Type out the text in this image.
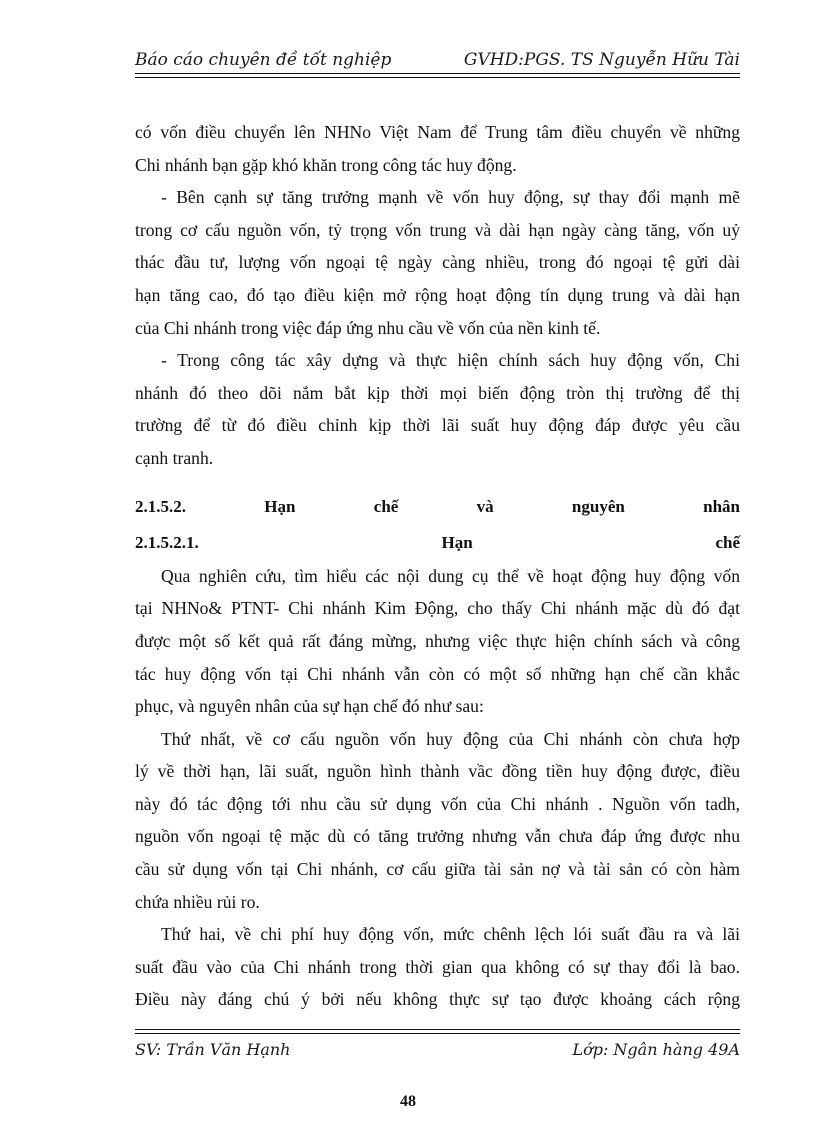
Báo cáo chuyên đề tốt nghiệp	GVHD:PGS. TS Nguyễn Hữu Tài

có vốn điều chuyển lên NHNo Việt Nam để Trung tâm điều chuyển về những

Chi nhánh bạn gặp khó khăn trong công tác huy động.

- Bên cạnh sự tăng trưởng mạnh về vốn huy động, sự thay đổi mạnh mẽ

trong cơ cấu nguồn vốn, tỷ trọng vốn trung và dài hạn ngày càng tăng, vốn uỷ

thác đầu tư, lượng vốn ngoại tệ ngày càng nhiều, trong đó ngoại tệ gửi dài

hạn tăng cao, đó tạo điều kiện mở rộng hoạt động tín dụng trung và dài hạn

của Chi nhánh trong việc đáp ứng nhu cầu về vốn của nền kinh tế.

- Trong công tác xây dựng và thực hiện chính sách huy động vốn, Chi

nhánh đó theo dõi nắm bắt kịp thời mọi biến động tròn thị trường để thị

trường để từ đó điều chỉnh kịp thời lãi suất huy động đáp được yêu cầu

cạnh tranh.

2.1.5.2. Hạn chế và nguyên nhân

2.1.5.2.1. Hạn chế

Qua nghiên cứu, tìm hiểu các nội dung cụ thể về hoạt động huy động vốn

tại NHNo& PTNT- Chi nhánh Kim Động, cho thấy Chi nhánh mặc dù đó đạt

được một số kết quả rất đáng mừng, nhưng việc thực hiện chính sách và công

tác huy động vốn tại Chi nhánh vẫn còn có một số những hạn chế cần khắc

phục, và nguyên nhân của sự hạn chế đó như sau:

Thứ nhất, về cơ cấu nguồn vốn huy động của Chi nhánh còn chưa hợp

lý về thời hạn, lãi suất, nguồn hình thành vầc đồng tiền huy động được, điều

này đó tác động tới nhu cầu sử dụng vốn của Chi nhánh . Nguồn vốn tadh,

nguồn vốn ngoại tệ mặc dù có tăng trưởng nhưng vẫn chưa đáp ứng được nhu

cầu sử dụng vốn tại Chi nhánh, cơ cấu giữa tài sản nợ và tài sản có còn hàm

chứa nhiều rủi ro.

Thứ hai, về chi phí huy động vốn, mức chênh lệch lói suất đầu ra và lãi

suất đầu vào của Chi nhánh trong thời gian qua không có sự thay đổi là bao.

Điều này đáng chú ý bởi nếu không thực sự tạo được khoảng cách rộng

SV: Trần Văn Hạnh	Lớp: Ngân hàng 49A
48
